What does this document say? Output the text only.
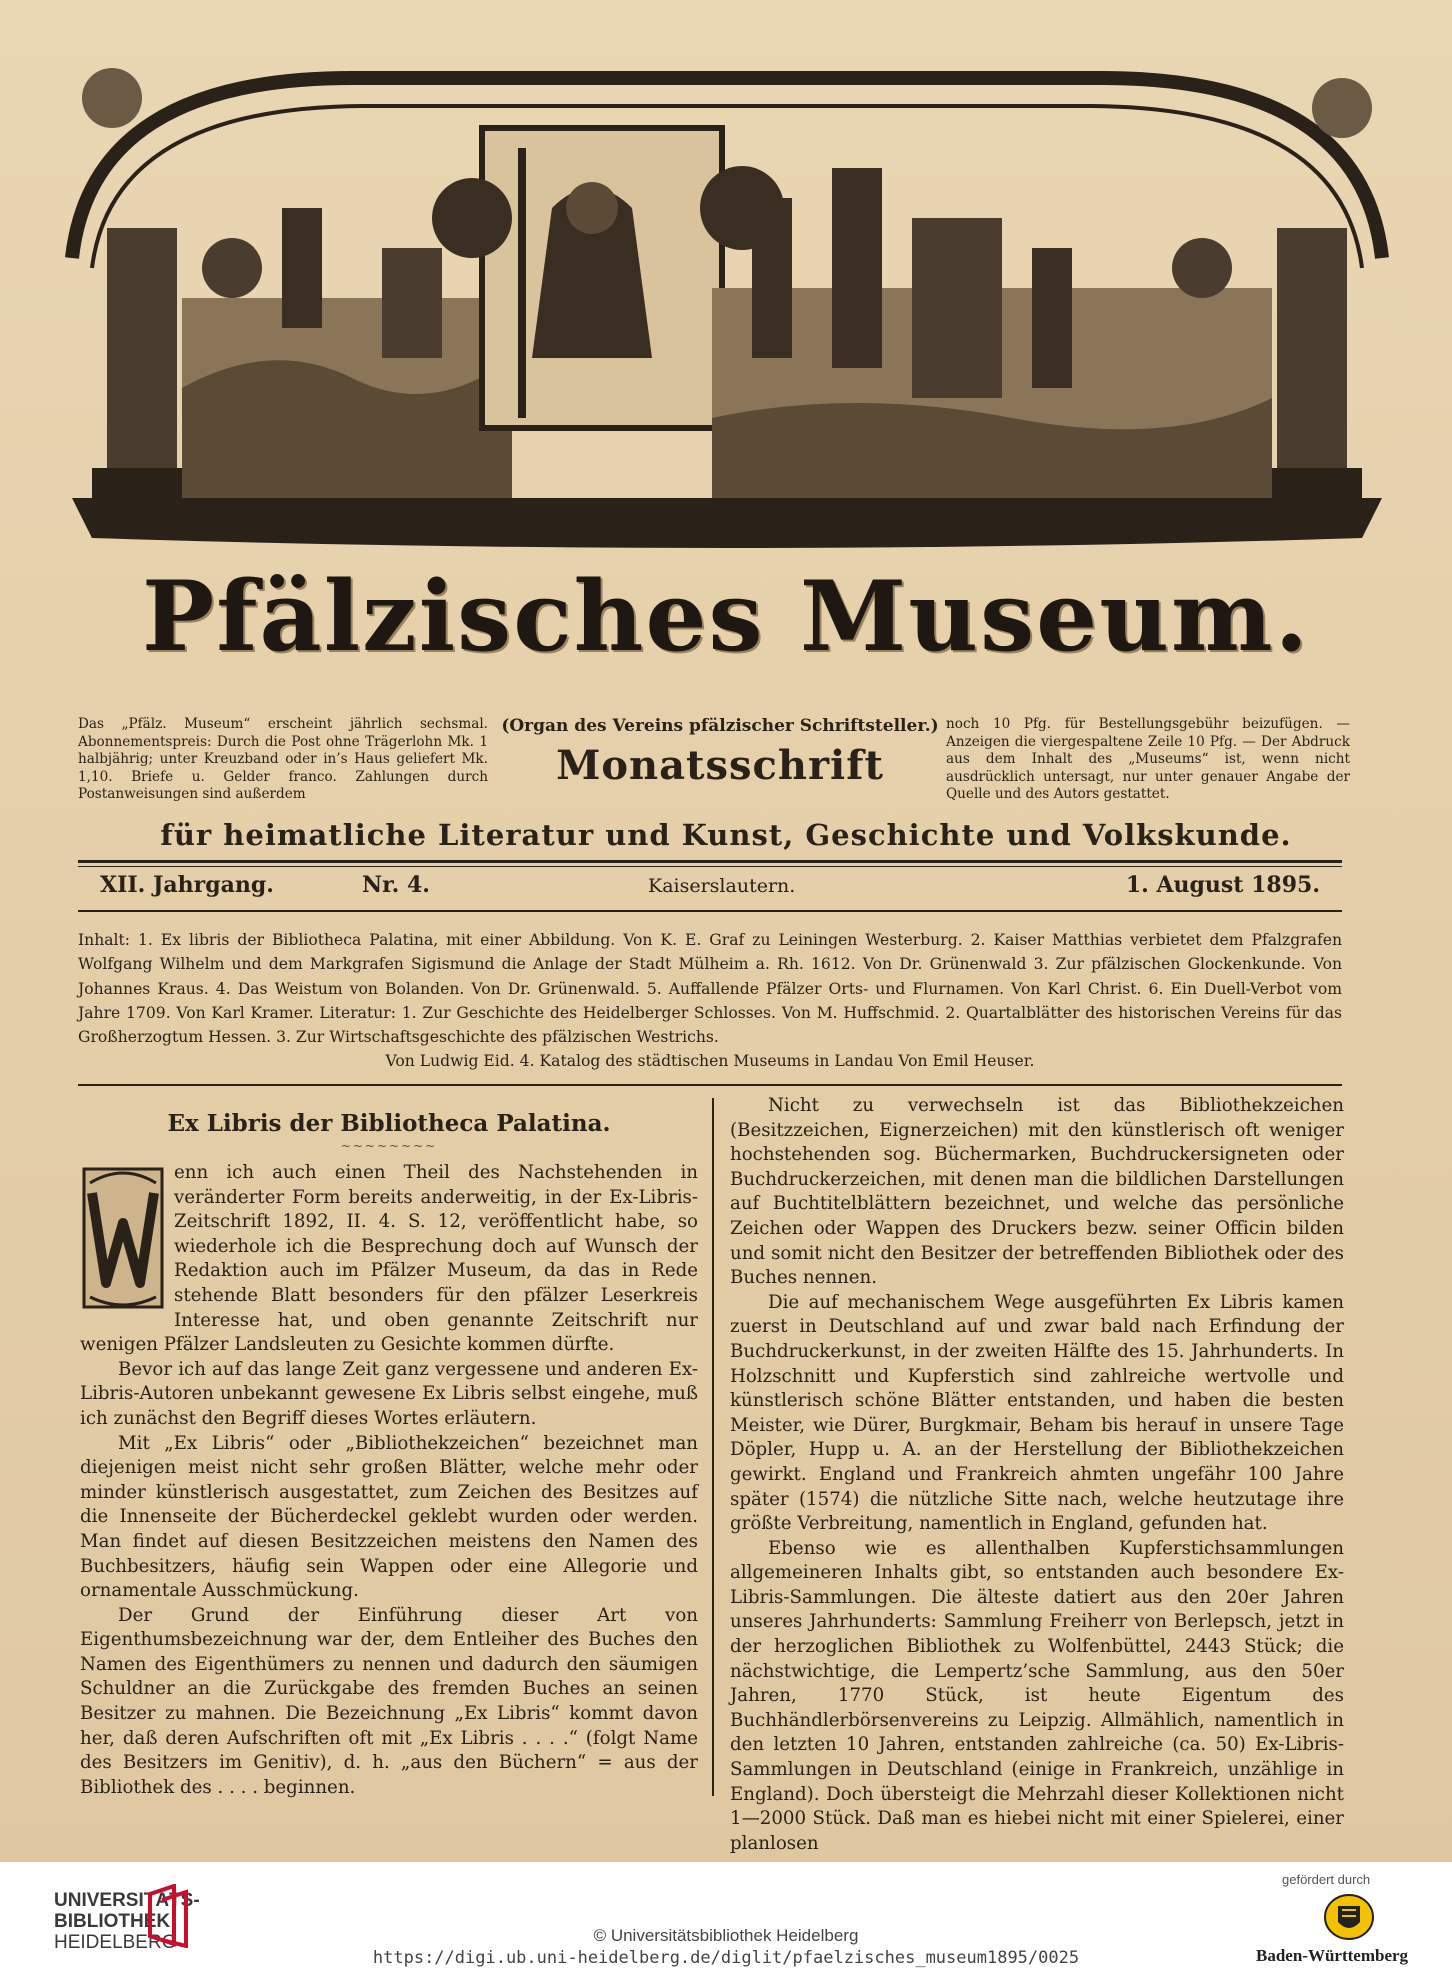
Pfälzisches Museum.
Das „Pfälz. Museum“ erscheint jährlich sechsmal. Abonnementspreis: Durch die Post ohne Trägerlohn Mk. 1 halbjährig; unter Kreuzband oder in’s Haus geliefert Mk. 1,10. Briefe u. Gelder franco. Zahlungen durch Postanweisungen sind außerdem
(Organ des Vereins pfälzischer Schriftsteller.)
Monatsschrift
noch 10 Pfg. für Bestellungsgebühr beizufügen. — Anzeigen die viergespaltene Zeile 10 Pfg. — Der Abdruck aus dem Inhalt des „Museums“ ist, wenn nicht ausdrücklich untersagt, nur unter genauer Angabe der Quelle und des Autors gestattet.
für heimatliche Literatur und Kunst, Geschichte und Volkskunde.
XII. Jahrgang.	Nr. 4.	Kaiserslautern.	1. August 1895.
Inhalt: 1. Ex libris der Bibliotheca Palatina, mit einer Abbildung. Von K. E. Graf zu Leiningen Westerburg. 2. Kaiser Matthias verbietet dem Pfalzgrafen Wolfgang Wilhelm und dem Markgrafen Sigismund die Anlage der Stadt Mülheim a. Rh. 1612. Von Dr. Grünenwald 3. Zur pfälzischen Glockenkunde. Von Johannes Kraus. 4. Das Weistum von Bolanden. Von Dr. Grünenwald. 5. Auffallende Pfälzer Orts- und Flurnamen. Von Karl Christ. 6. Ein Duell-Verbot vom Jahre 1709. Von Karl Kramer. Literatur: 1. Zur Geschichte des Heidelberger Schlosses. Von M. Huffschmid. 2. Quartalblätter des historischen Vereins für das Großherzogtum Hessen. 3. Zur Wirtschaftsgeschichte des pfälzischen Westrichs.
Von Ludwig Eid. 4. Katalog des städtischen Museums in Landau Von Emil Heuser.
Ex Libris der Bibliotheca Palatina.
~~~~~~~~

enn ich auch einen Theil des Nachstehenden in veränderter Form bereits anderweitig, in der Ex-Libris-Zeitschrift 1892, II. 4. S. 12, veröffentlicht habe, so wiederhole ich die Besprechung doch auf Wunsch der Redaktion auch im Pfälzer Museum, da das in Rede stehende Blatt besonders für den pfälzer Leserkreis Interesse hat, und oben genannte Zeitschrift nur wenigen Pfälzer Landsleuten zu Gesichte kommen dürfte.

Bevor ich auf das lange Zeit ganz vergessene und anderen Ex-Libris-Autoren unbekannt gewesene Ex Libris selbst eingehe, muß ich zunächst den Begriff dieses Wortes erläutern.

Mit „Ex Libris“ oder „Bibliothekzeichen“ bezeichnet man diejenigen meist nicht sehr großen Blätter, welche mehr oder minder künstlerisch ausgestattet, zum Zeichen des Besitzes auf die Innenseite der Bücherdeckel geklebt wurden oder werden. Man findet auf diesen Besitzzeichen meistens den Namen des Buchbesitzers, häufig sein Wappen oder eine Allegorie und ornamentale Ausschmückung.

Der Grund der Einführung dieser Art von Eigenthumsbezeichnung war der, dem Entleiher des Buches den Namen des Eigenthümers zu nennen und dadurch den säumigen Schuldner an die Zurückgabe des fremden Buches an seinen Besitzer zu mahnen. Die Bezeichnung „Ex Libris“ kommt davon her, daß deren Aufschriften oft mit „Ex Libris . . . .“ (folgt Name des Besitzers im Genitiv), d. h. „aus den Büchern“ = aus der Bibliothek des . . . . beginnen.

Nicht zu verwechseln ist das Bibliothekzeichen (Besitzzeichen, Eignerzeichen) mit den künstlerisch oft weniger hochstehenden sog. Büchermarken, Buchdruckersigneten oder Buchdruckerzeichen, mit denen man die bildlichen Darstellungen auf Buchtitelblättern bezeichnet, und welche das persönliche Zeichen oder Wappen des Druckers bezw. seiner Officin bilden und somit nicht den Besitzer der betreffenden Bibliothek oder des Buches nennen.

Die auf mechanischem Wege ausgeführten Ex Libris kamen zuerst in Deutschland auf und zwar bald nach Erfindung der Buchdruckerkunst, in der zweiten Hälfte des 15. Jahrhunderts. In Holzschnitt und Kupferstich sind zahlreiche wertvolle und künstlerisch schöne Blätter entstanden, und haben die besten Meister, wie Dürer, Burgkmair, Beham bis herauf in unsere Tage Döpler, Hupp u. A. an der Herstellung der Bibliothekzeichen gewirkt. England und Frankreich ahmten ungefähr 100 Jahre später (1574) die nützliche Sitte nach, welche heutzutage ihre größte Verbreitung, namentlich in England, gefunden hat.

Ebenso wie es allenthalben Kupferstichsammlungen allgemeineren Inhalts gibt, so entstanden auch besondere Ex-Libris-Sammlungen. Die älteste datiert aus den 20er Jahren unseres Jahrhunderts: Sammlung Freiherr von Berlepsch, jetzt in der herzoglichen Bibliothek zu Wolfenbüttel, 2443 Stück; die nächstwichtige, die Lempertz’sche Sammlung, aus den 50er Jahren, 1770 Stück, ist heute Eigentum des Buchhändlerbörsenvereins zu Leipzig. Allmählich, namentlich in den letzten 10 Jahren, entstanden zahlreiche (ca. 50) Ex-Libris-Sammlungen in Deutschland (einige in Frankreich, unzählige in England). Doch übersteigt die Mehrzahl dieser Kollektionen nicht 1—2000 Stück. Daß man es hiebei nicht mit einer Spielerei, einer planlosen

UNIVERSITÄTS-
BIBLIOTHEK
HEIDELBERG	© Universitätsbibliothek Heidelberg
https://digi.ub.uni-heidelberg.de/diglit/pfaelzisches_museum1895/0025
gefördert durch
Baden-Württemberg
